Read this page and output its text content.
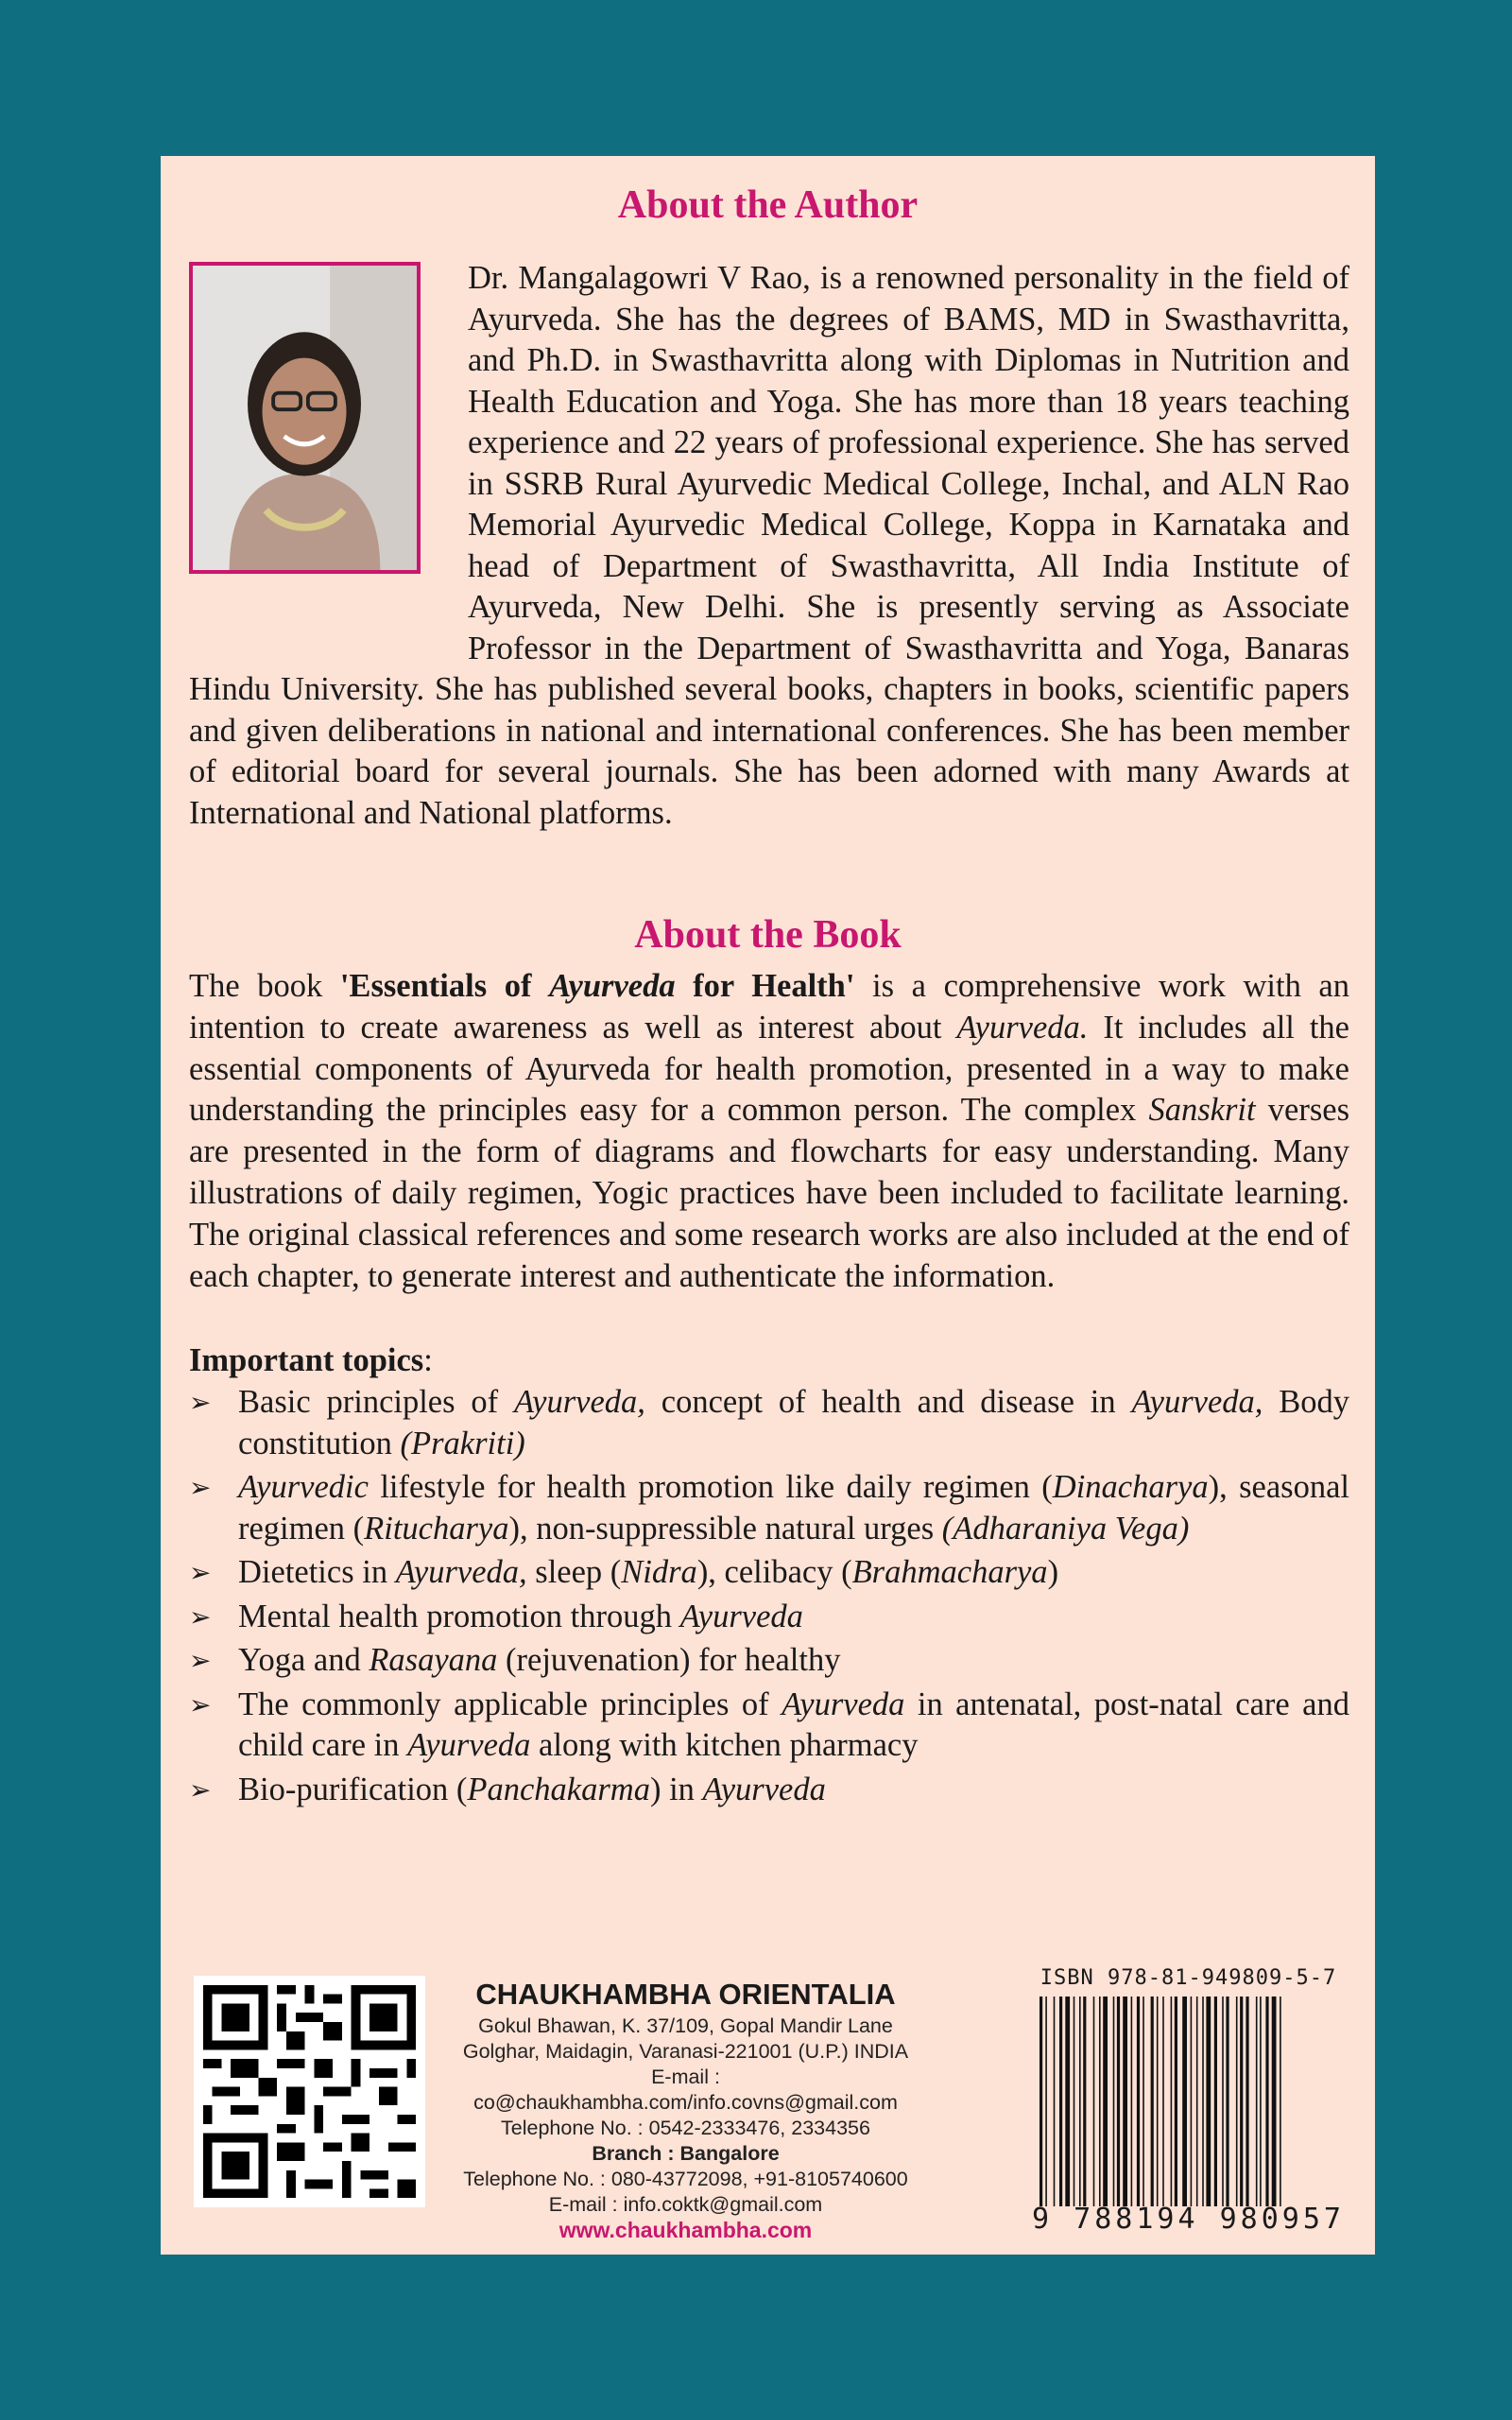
About the Author
Dr. Mangalagowri V Rao, is a renowned personality in the field of Ayurveda. She has the degrees of BAMS, MD in Swasthavritta, and Ph.D. in Swasthavritta along with Diplomas in Nutrition and Health Education and Yoga. She has more than 18 years teaching experience and 22 years of professional experience. She has served in SSRB Rural Ayurvedic Medical College, Inchal, and ALN Rao Memorial Ayurvedic Medical College, Koppa in Karnataka and head of Department of Swasthavritta, All India Institute of Ayurveda, New Delhi. She is presently serving as Associate Professor in the Department of Swasthavritta and Yoga, Banaras Hindu University. She has published several books, chapters in books, scientific papers and given deliberations in national and international conferences. She has been member of editorial board for several journals. She has been adorned with many Awards at International and National platforms.
About the Book
The book 'Essentials of Ayurveda for Health' is a comprehensive work with an intention to create awareness as well as interest about Ayurveda. It includes all the essential components of Ayurveda for health promotion, presented in a way to make understanding the principles easy for a common person. The complex Sanskrit verses are presented in the form of diagrams and flowcharts for easy understanding. Many illustrations of daily regimen, Yogic practices have been included to facilitate learning. The original classical references and some research works are also included at the end of each chapter, to generate interest and authenticate the information.
Important topics:
➢ Basic principles of Ayurveda, concept of health and disease in Ayurveda, Body constitution (Prakriti)
➢ Ayurvedic lifestyle for health promotion like daily regimen (Dinacharya), seasonal regimen (Ritucharya), non-suppressible natural urges (Adharaniya Vega)
➢ Dietetics in Ayurveda, sleep (Nidra), celibacy (Brahmacharya)
➢ Mental health promotion through Ayurveda
➢ Yoga and Rasayana (rejuvenation) for healthy
➢ The commonly applicable principles of Ayurveda in antenatal, post-natal care and child care in Ayurveda along with kitchen pharmacy
➢ Bio-purification (Panchakarma) in Ayurveda
CHAUKHAMBHA ORIENTALIA
Gokul Bhawan, K. 37/109, Gopal Mandir Lane
Golghar, Maidagin, Varanasi-221001 (U.P.) INDIA
E-mail : co@chaukhambha.com/info.covns@gmail.com
Telephone No. : 0542-2333476, 2334356
Branch : Bangalore
Telephone No. : 080-43772098, +91-8105740600
E-mail : info.coktk@gmail.com
www.chaukhambha.com
ISBN 978-81-949809-5-7
9 788194 980957
